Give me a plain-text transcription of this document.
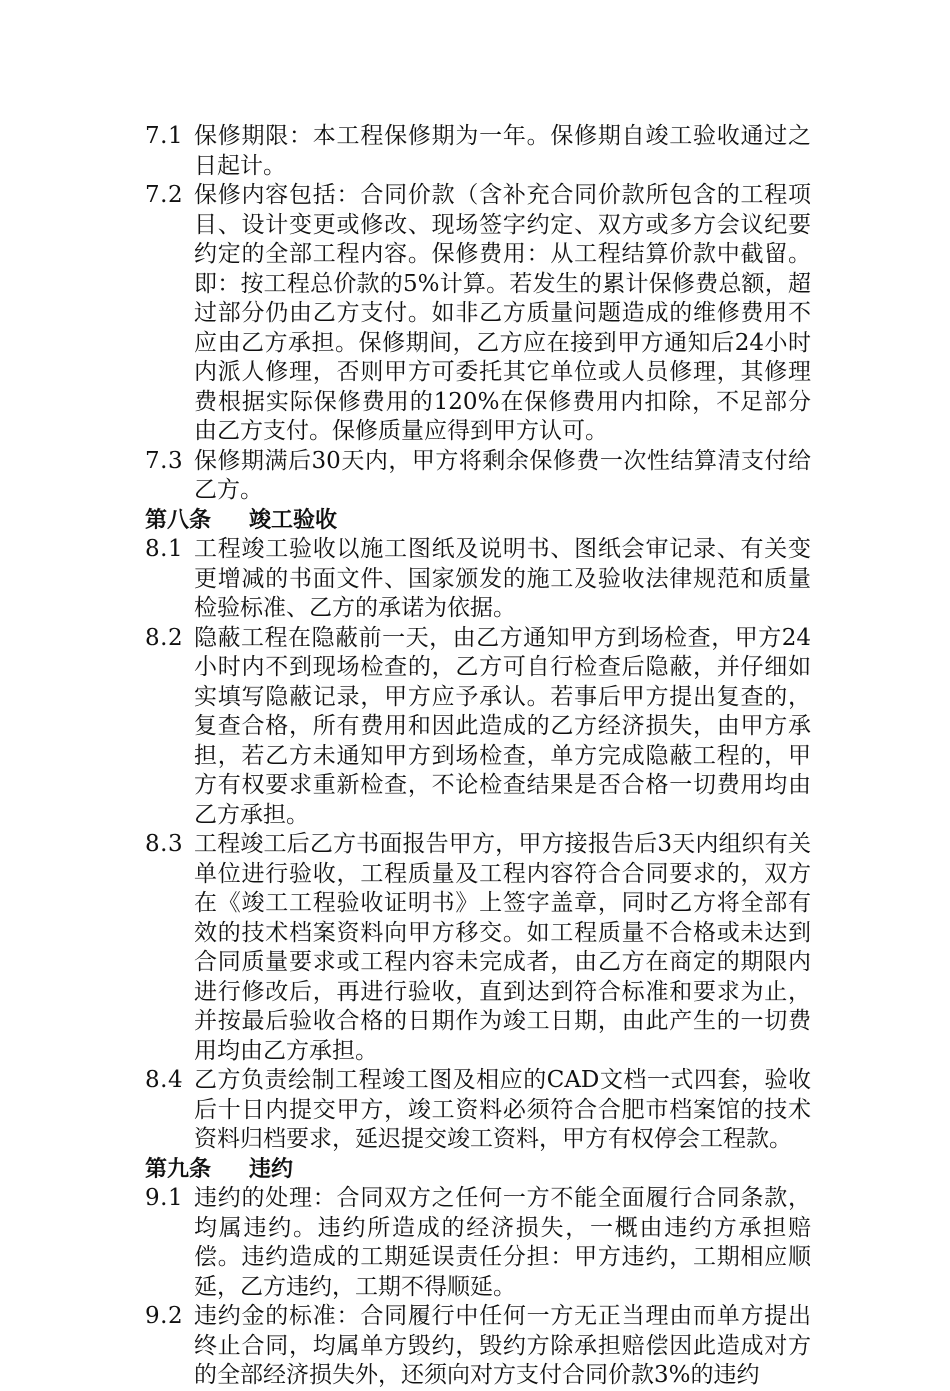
7.1 保修期限：本工程保修期为一年。保修期自竣工验收通过之日起计。
7.2 保修内容包括：合同价款（含补充合同价款所包含的工程项目、设计变更或修改、现场签字约定、双方或多方会议纪要约定的全部工程内容。保修费用：从工程结算价款中截留。即：按工程总价款的5%计算。若发生的累计保修费总额，超过部分仍由乙方支付。如非乙方质量问题造成的维修费用不应由乙方承担。保修期间，乙方应在接到甲方通知后24小时内派人修理，否则甲方可委托其它单位或人员修理，其修理费根据实际保修费用的120%在保修费用内扣除，不足部分由乙方支付。保修质量应得到甲方认可。
7.3 保修期满后30天内，甲方将剩余保修费一次性结算清支付给乙方。
第八条 竣工验收
8.1 工程竣工验收以施工图纸及说明书、图纸会审记录、有关变更增减的书面文件、国家颁发的施工及验收法律规范和质量检验标准、乙方的承诺为依据。
8.2 隐蔽工程在隐蔽前一天，由乙方通知甲方到场检查，甲方24小时内不到现场检查的，乙方可自行检查后隐蔽，并仔细如实填写隐蔽记录，甲方应予承认。若事后甲方提出复查的，复查合格，所有费用和因此造成的乙方经济损失，由甲方承担，若乙方未通知甲方到场检查，单方完成隐蔽工程的，甲方有权要求重新检查，不论检查结果是否合格一切费用均由乙方承担。
8.3 工程竣工后乙方书面报告甲方，甲方接报告后3天内组织有关单位进行验收，工程质量及工程内容符合合同要求的，双方在《竣工工程验收证明书》上签字盖章，同时乙方将全部有效的技术档案资料向甲方移交。如工程质量不合格或未达到合同质量要求或工程内容未完成者，由乙方在商定的期限内进行修改后，再进行验收，直到达到符合标准和要求为止，并按最后验收合格的日期作为竣工日期，由此产生的一切费用均由乙方承担。
8.4 乙方负责绘制工程竣工图及相应的CAD文档一式四套，验收后十日内提交甲方，竣工资料必须符合合肥市档案馆的技术资料归档要求，延迟提交竣工资料，甲方有权停会工程款。
第九条 违约
9.1 违约的处理：合同双方之任何一方不能全面履行合同条款，均属违约。违约所造成的经济损失，一概由违约方承担赔偿。违约造成的工期延误责任分担：甲方违约，工期相应顺延，乙方违约，工期不得顺延。
9.2 违约金的标准：合同履行中任何一方无正当理由而单方提出终止合同，均属单方毁约，毁约方除承担赔偿因此造成对方的全部经济损失外，还须向对方支付合同价款3%的违约
